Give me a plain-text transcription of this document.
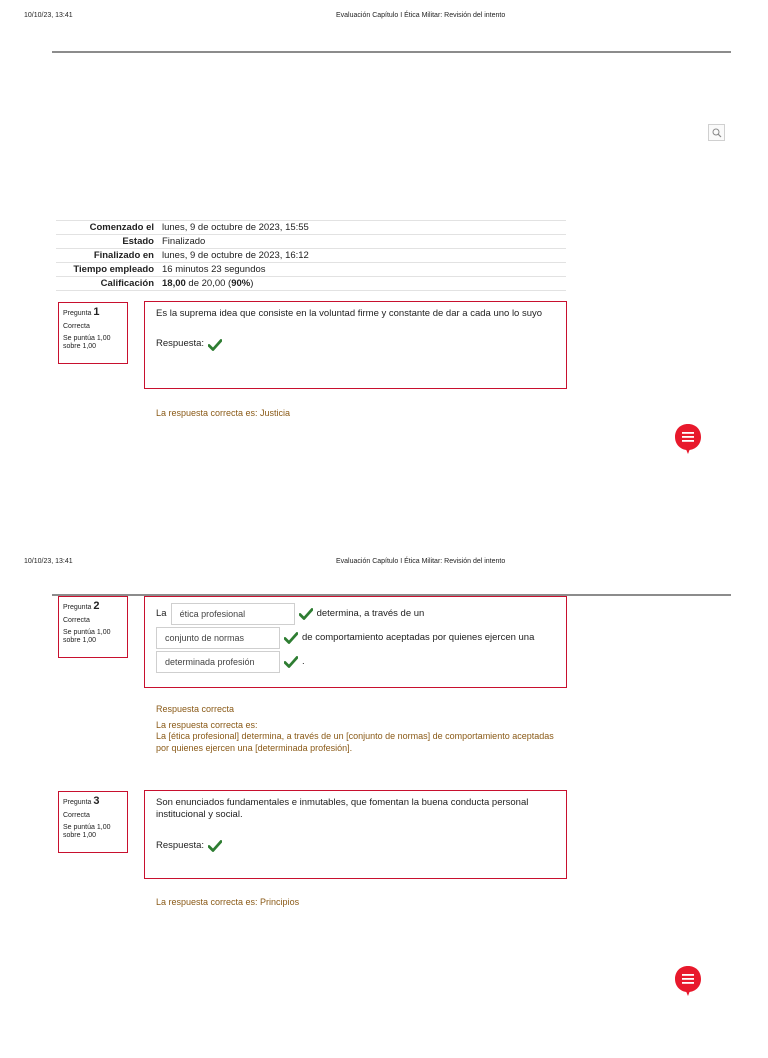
10/10/23, 13:41	Evaluación Capítulo I Ética Militar: Revisión del intento
Comenzado el	lunes, 9 de octubre de 2023, 15:55
Estado	Finalizado
Finalizado en	lunes, 9 de octubre de 2023, 16:12
Tiempo empleado	16 minutos 23 segundos
Calificación	18,00 de 20,00 (90%)
Pregunta 1
Correcta
Se puntúa 1,00 sobre 1,00
Es la suprema idea que consiste en la voluntad firme y constante de dar a cada uno lo suyo
Respuesta:
La respuesta correcta es: Justicia
10/10/23, 13:41	Evaluación Capítulo I Ética Militar: Revisión del intento
Pregunta 2
Correcta
Se puntúa 1,00 sobre 1,00
La	ética profesional	determina, a través de un
conjunto de normas	de comportamiento aceptadas por quienes ejercen una
determinada profesión	.
Respuesta correcta
La respuesta correcta es:
La [ética profesional] determina, a través de un [conjunto de normas] de comportamiento aceptadas por quienes ejercen una [determinada profesión].
Pregunta 3
Correcta
Se puntúa 1,00 sobre 1,00
Son enunciados fundamentales e inmutables, que fomentan la buena conducta personal institucional y social.
Respuesta:
La respuesta correcta es: Principios
